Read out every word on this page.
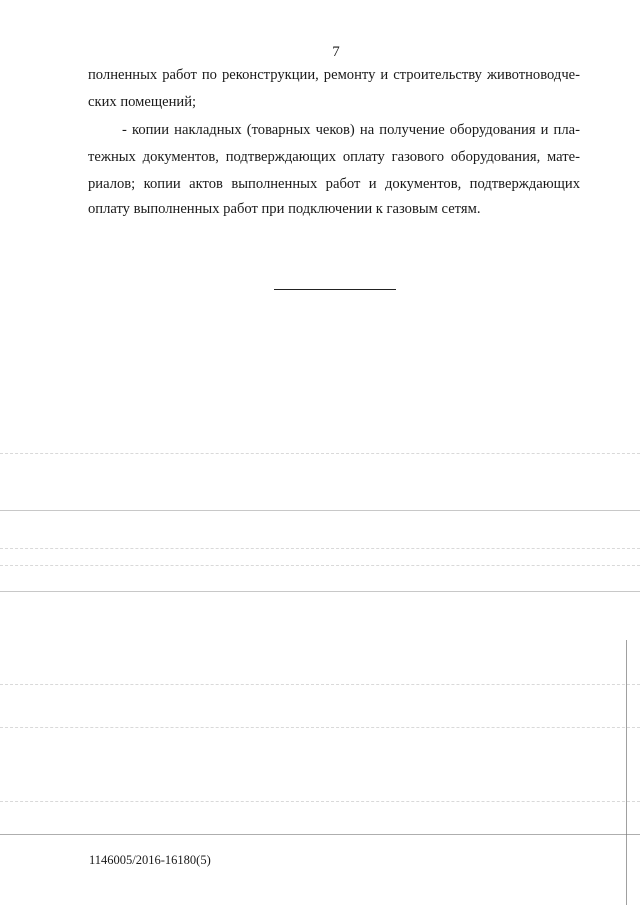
7
полненных работ по реконструкции, ремонту и строительству животноводче-
ских помещений;
- копии накладных (товарных чеков) на получение оборудования и пла-
тежных документов, подтверждающих оплату газового оборудования, мате-
риалов; копии актов выполненных работ и документов, подтверждающих
оплату выполненных работ при подключении к газовым сетям.
1146005/2016-16180(5)
